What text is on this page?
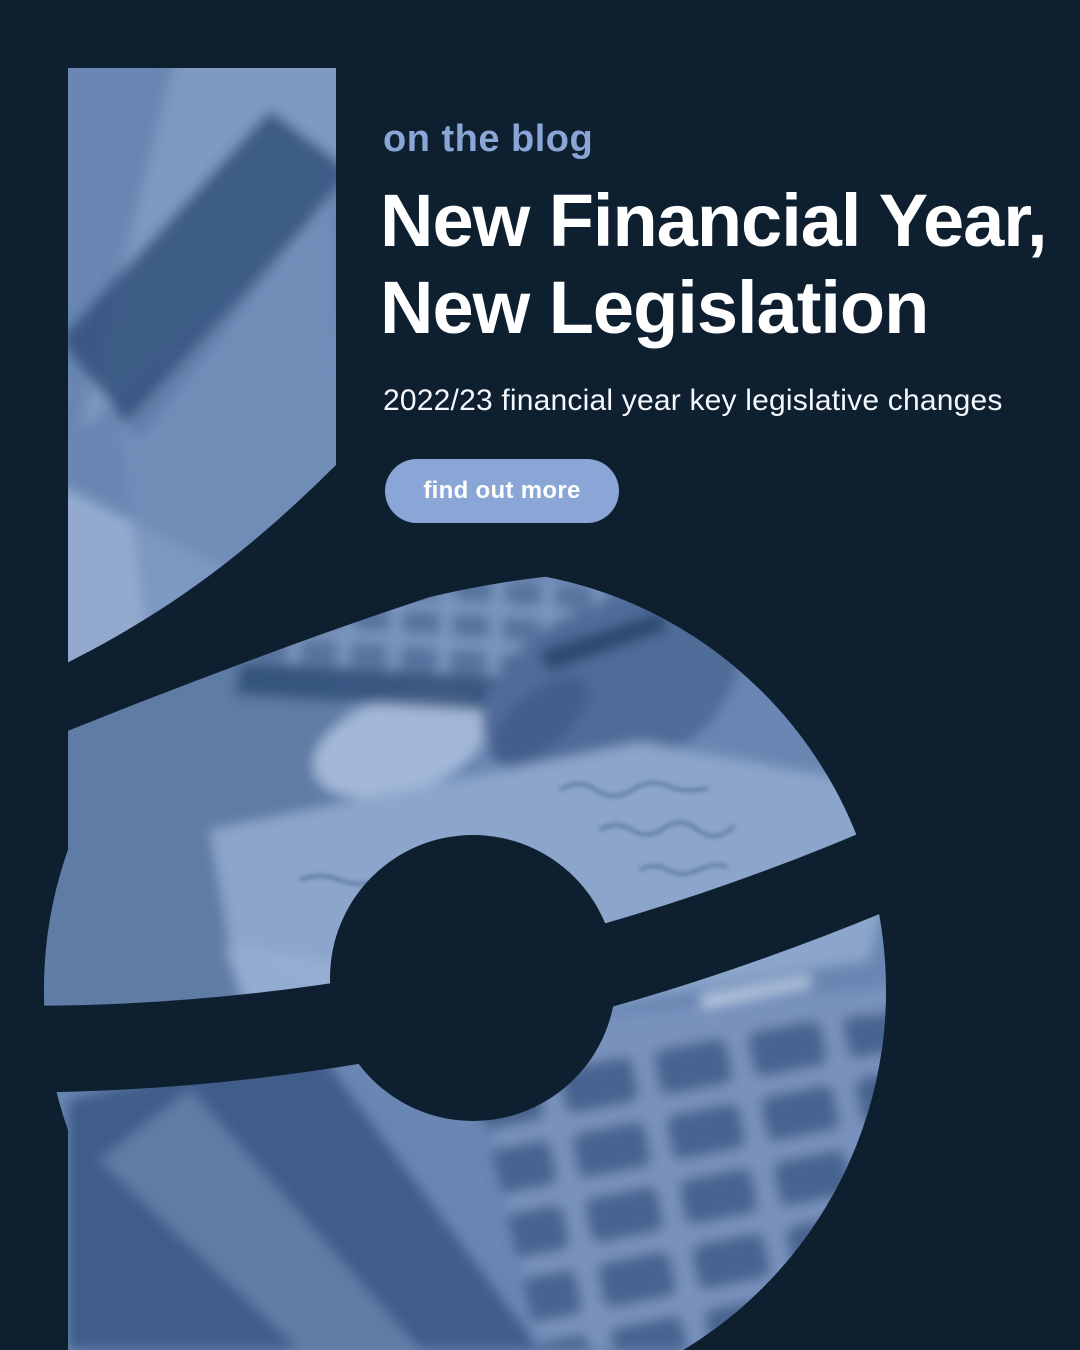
on the blog
New Financial Year,
New Legislation
2022/23 financial year key legislative changes
find out more
